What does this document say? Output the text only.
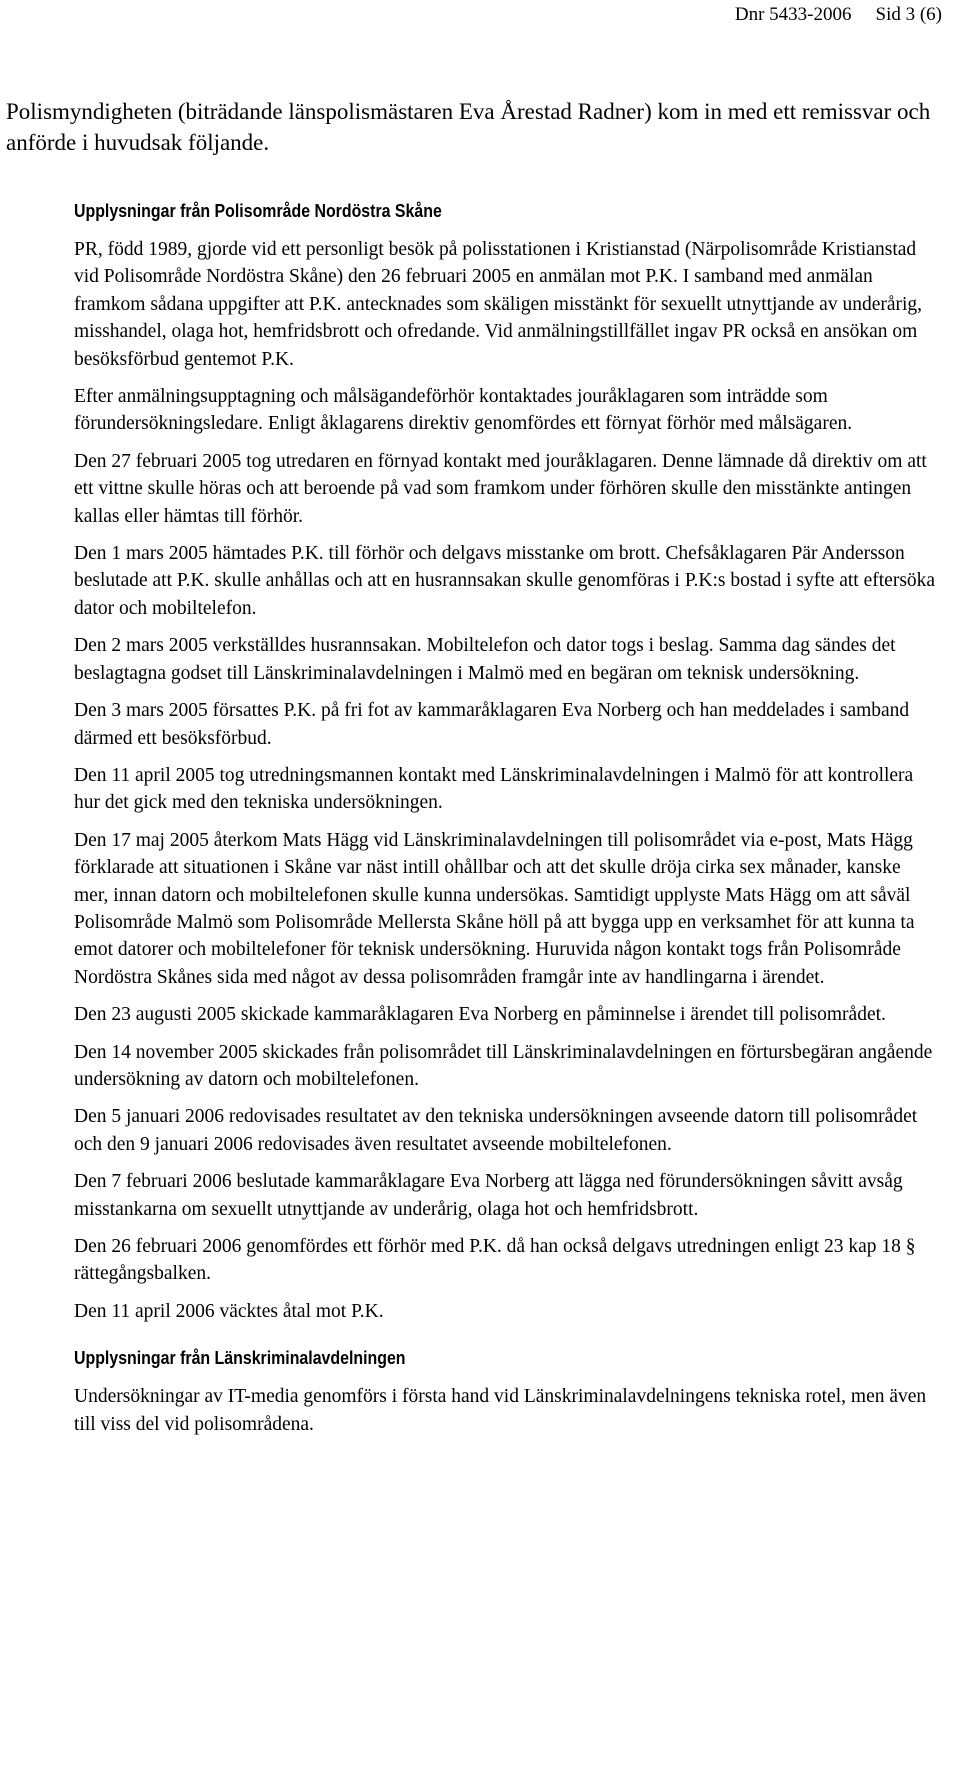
Dnr 5433-2006 Sid 3 (6)

Polismyndigheten (biträdande länspolismästaren Eva Årestad Radner) kom in med ett remissvar och anförde i huvudsak följande.

Upplysningar från Polisområde Nordöstra Skåne

PR, född 1989, gjorde vid ett personligt besök på polisstationen i Kristianstad (Närpolisområde Kristianstad vid Polisområde Nordöstra Skåne) den 26 februari 2005 en anmälan mot P.K. I samband med anmälan framkom sådana uppgifter att P.K. antecknades som skäligen misstänkt för sexuellt utnyttjande av underårig, misshandel, olaga hot, hemfridsbrott och ofredande. Vid anmälningstillfället ingav PR också en ansökan om besöksförbud gentemot P.K.

Efter anmälningsupptagning och målsägandeförhör kontaktades jouråklagaren som inträdde som förundersökningsledare. Enligt åklagarens direktiv genomfördes ett förnyat förhör med målsägaren.

Den 27 februari 2005 tog utredaren en förnyad kontakt med jouråklagaren. Denne lämnade då direktiv om att ett vittne skulle höras och att beroende på vad som framkom under förhören skulle den misstänkte antingen kallas eller hämtas till förhör.

Den 1 mars 2005 hämtades P.K. till förhör och delgavs misstanke om brott. Chefsåklagaren Pär Andersson beslutade att P.K. skulle anhållas och att en husrannsakan skulle genomföras i P.K:s bostad i syfte att eftersöka dator och mobiltelefon.

Den 2 mars 2005 verkställdes husrannsakan. Mobiltelefon och dator togs i beslag. Samma dag sändes det beslagtagna godset till Länskriminalavdelningen i Malmö med en begäran om teknisk undersökning.

Den 3 mars 2005 försattes P.K. på fri fot av kammaråklagaren Eva Norberg och han meddelades i samband därmed ett besöksförbud.

Den 11 april 2005 tog utredningsmannen kontakt med Länskriminalavdelningen i Malmö för att kontrollera hur det gick med den tekniska undersökningen.

Den 17 maj 2005 återkom Mats Hägg vid Länskriminalavdelningen till polisområdet via e-post, Mats Hägg förklarade att situationen i Skåne var näst intill ohållbar och att det skulle dröja cirka sex månader, kanske mer, innan datorn och mobiltelefonen skulle kunna undersökas. Samtidigt upplyste Mats Hägg om att såväl Polisområde Malmö som Polisområde Mellersta Skåne höll på att bygga upp en verksamhet för att kunna ta emot datorer och mobiltelefoner för teknisk undersökning. Huruvida någon kontakt togs från Polisområde Nordöstra Skånes sida med något av dessa polisområden framgår inte av handlingarna i ärendet.

Den 23 augusti 2005 skickade kammaråklagaren Eva Norberg en påminnelse i ärendet till polisområdet.

Den 14 november 2005 skickades från polisområdet till Länskriminalavdelningen en förtursbegäran angående undersökning av datorn och mobiltelefonen.

Den 5 januari 2006 redovisades resultatet av den tekniska undersökningen avseende datorn till polisområdet och den 9 januari 2006 redovisades även resultatet avseende mobiltelefonen.

Den 7 februari 2006 beslutade kammaråklagare Eva Norberg att lägga ned förundersökningen såvitt avsåg misstankarna om sexuellt utnyttjande av underårig, olaga hot och hemfridsbrott.

Den 26 februari 2006 genomfördes ett förhör med P.K. då han också delgavs utredningen enligt 23 kap 18 § rättegångsbalken.

Den 11 april 2006 väcktes åtal mot P.K.

Upplysningar från Länskriminalavdelningen

Undersökningar av IT-media genomförs i första hand vid Länskriminalavdelningens tekniska rotel, men även till viss del vid polisområdena.
